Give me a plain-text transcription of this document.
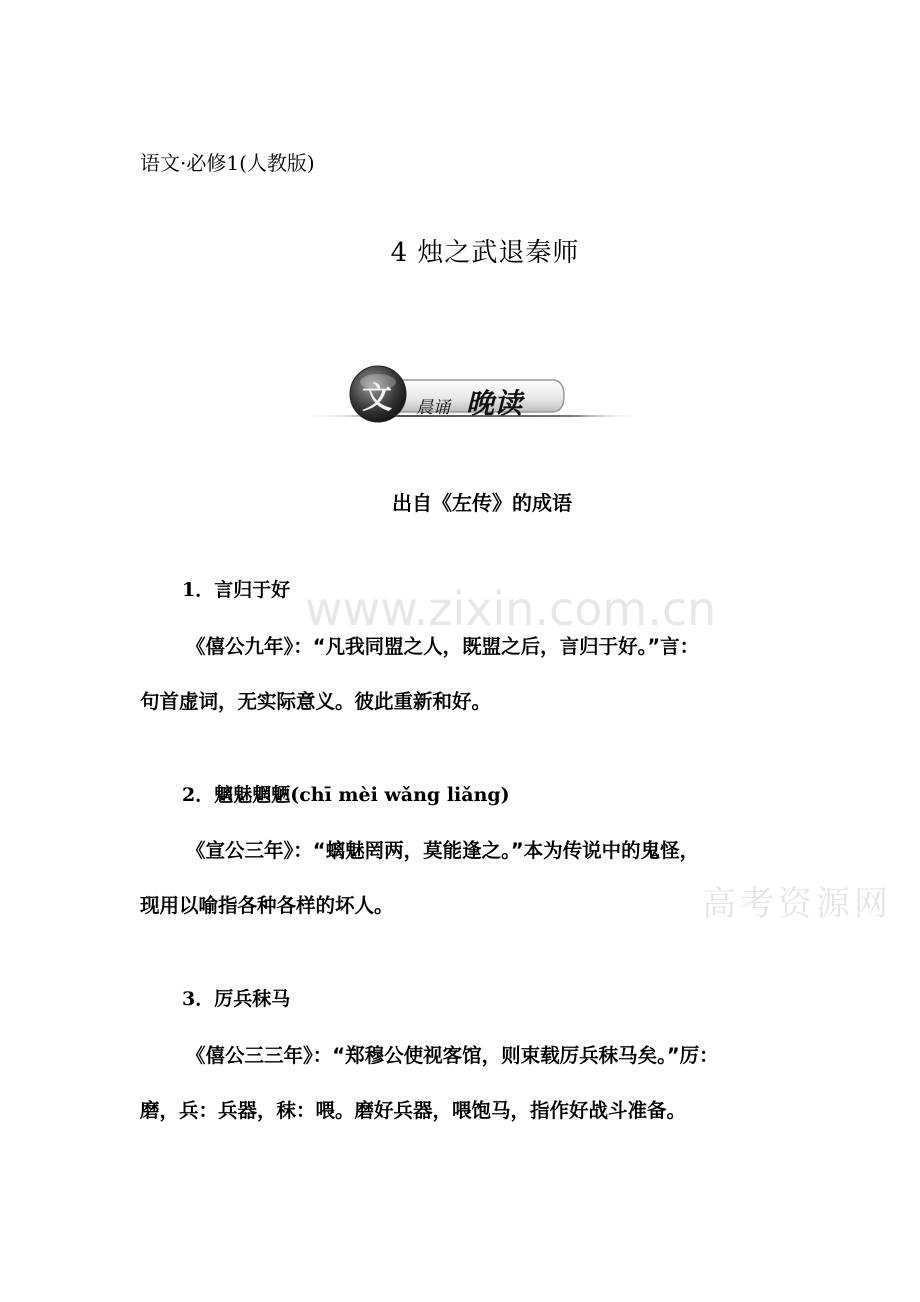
www.zixin.com.cn
高考资源网
语文·必修1(人教版)
4 烛之武退秦师
文 晨诵 晚读
出自《左传》的成语
1．言归于好
《僖公九年》：“凡我同盟之人，既盟之后，言归于好。”言：
句首虚词，无实际意义。彼此重新和好。
2．魑魅魍魉(chī mèi wǎng liǎng)
《宣公三年》：“螭魅罔两，莫能逢之。”本为传说中的鬼怪，
现用以喻指各种各样的坏人。
3．厉兵秣马
《僖公三三年》：“郑穆公使视客馆，则束载厉兵秣马矣。”厉：
磨，兵：兵器，秣：喂。磨好兵器，喂饱马，指作好战斗准备。
